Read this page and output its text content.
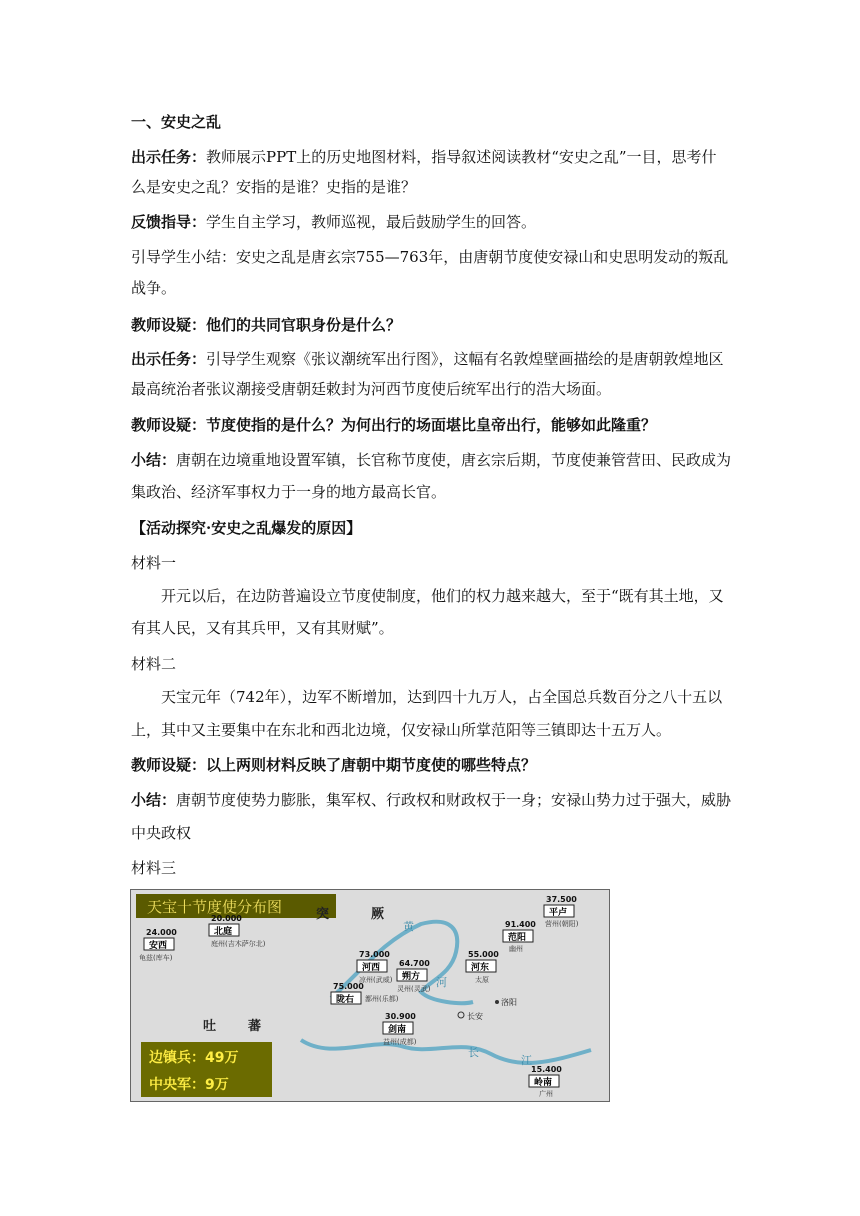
一、安史之乱

出示任务：教师展示PPT上的历史地图材料，指导叙述阅读教材“安史之乱”一目，思考什

么是安史之乱？安指的是谁？史指的是谁？

反馈指导：学生自主学习，教师巡视，最后鼓励学生的回答。

引导学生小结：安史之乱是唐玄宗755—763年，由唐朝节度使安禄山和史思明发动的叛乱

战争。

教师设疑：他们的共同官职身份是什么？

出示任务：引导学生观察《张议潮统军出行图》，这幅有名敦煌壁画描绘的是唐朝敦煌地区

最高统治者张议潮接受唐朝廷敕封为河西节度使后统军出行的浩大场面。

教师设疑：节度使指的是什么？为何出行的场面堪比皇帝出行，能够如此隆重？

小结：唐朝在边境重地设置军镇，长官称节度使，唐玄宗后期，节度使兼管营田、民政成为

集政治、经济军事权力于一身的地方最高长官。

【活动探究·安史之乱爆发的原因】

材料一

开元以后，在边防普遍设立节度使制度，他们的权力越来越大，至于“既有其土地，又

有其人民，又有其兵甲，又有其财赋”。

材料二

天宝元年（742年），边军不断增加，达到四十九万人，占全国总兵数百分之八十五以

上，其中又主要集中在东北和西北边境，仅安禄山所掌范阳等三镇即达十五万人。

教师设疑：以上两则材料反映了唐朝中期节度使的哪些特点？

小结：唐朝节度使势力膨胀，集军权、行政权和财政权于一身；安禄山势力过于强大，威胁

中央政权

材料三

天宝十节度使分布图	突	厥
吐 蕃
黄
河
长
江
长安
洛阳
37.500
平卢
营州(朝阳)
91.400
范阳
幽州
20.000
北庭
庭州(吉木萨尔北)
24.000
安西
龟兹(库车)	73.000
河西
凉州(武威)
64.700
朔方
灵州(灵武)
55.000
河东
太原
75.000
陇右 鄯州(乐都)
30.900
剑南
益州(成都)
15.400
岭南
广州
边镇兵：49万
中央军：9万
